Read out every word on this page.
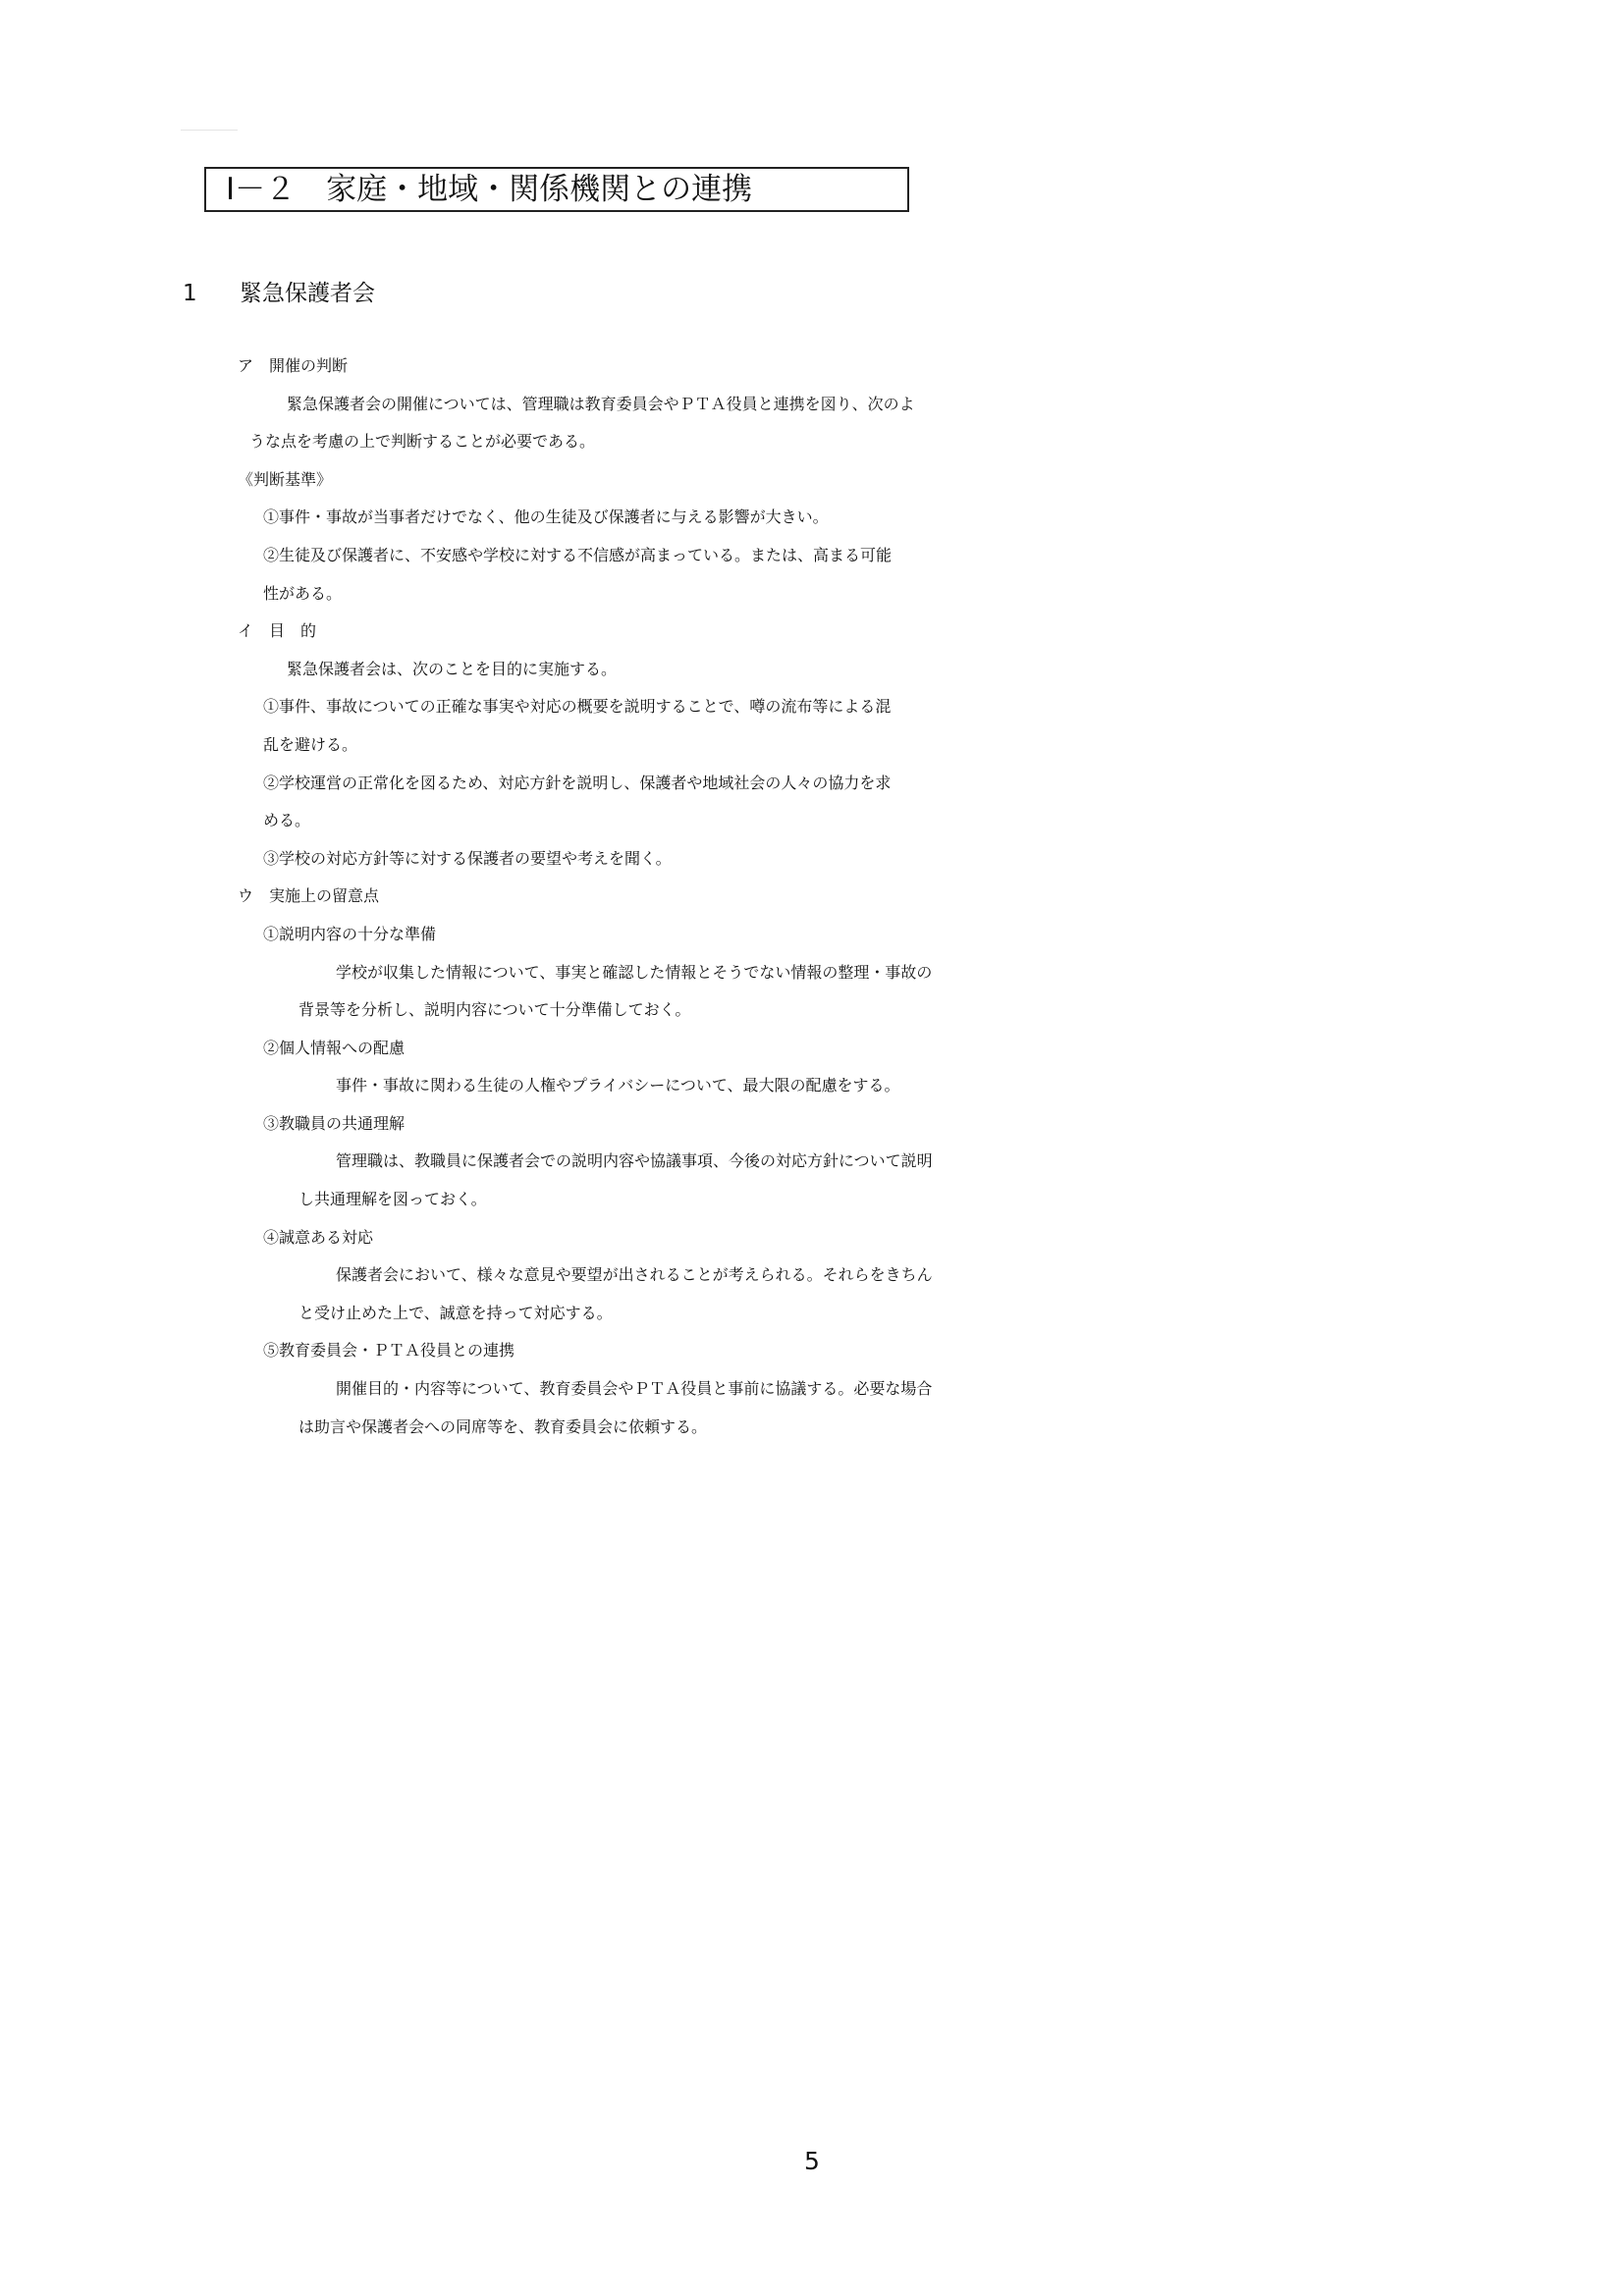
Ⅰ－２　家庭・地域・関係機関との連携
1 緊急保護者会
ア　開催の判断
緊急保護者会の開催については、管理職は教育委員会やＰＴＡ役員と連携を図り、次のよ
うな点を考慮の上で判断することが必要である。
《判断基準》
①事件・事故が当事者だけでなく、他の生徒及び保護者に与える影響が大きい。
②生徒及び保護者に、不安感や学校に対する不信感が高まっている。または、高まる可能
性がある。
イ　目　的
緊急保護者会は、次のことを目的に実施する。
①事件、事故についての正確な事実や対応の概要を説明することで、噂の流布等による混
乱を避ける。
②学校運営の正常化を図るため、対応方針を説明し、保護者や地域社会の人々の協力を求
める。
③学校の対応方針等に対する保護者の要望や考えを聞く。
ウ　実施上の留意点
①説明内容の十分な準備
学校が収集した情報について、事実と確認した情報とそうでない情報の整理・事故の
背景等を分析し、説明内容について十分準備しておく。
②個人情報への配慮
事件・事故に関わる生徒の人権やプライバシーについて、最大限の配慮をする。
③教職員の共通理解
管理職は、教職員に保護者会での説明内容や協議事項、今後の対応方針について説明
し共通理解を図っておく。
④誠意ある対応
保護者会において、様々な意見や要望が出されることが考えられる。それらをきちん
と受け止めた上で、誠意を持って対応する。
⑤教育委員会・ＰＴＡ役員との連携
開催目的・内容等について、教育委員会やＰＴＡ役員と事前に協議する。必要な場合
は助言や保護者会への同席等を、教育委員会に依頼する。
5
